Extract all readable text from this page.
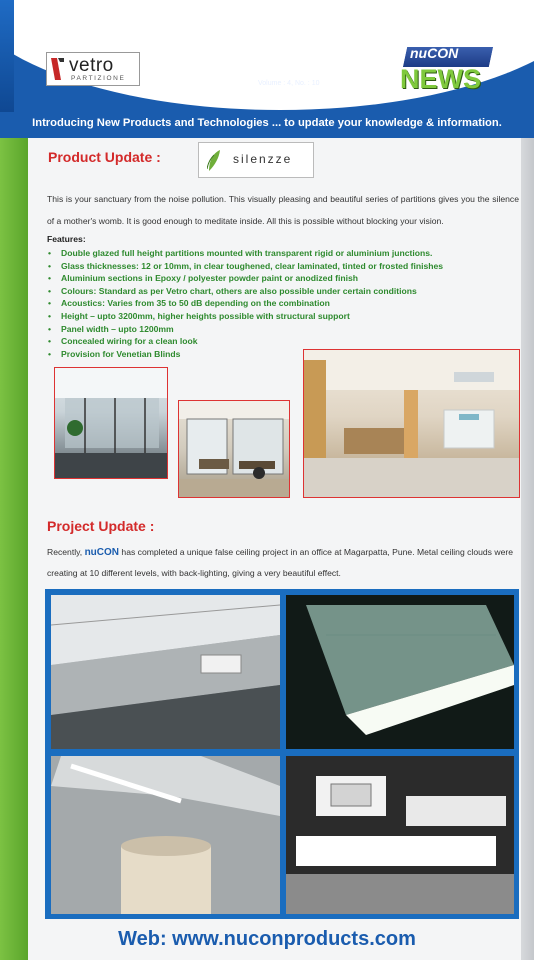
vetro
PARTIZIONE
Oct. 2013
Volume : 4, No. : 10
nuCON
NEWS
Introducing New Products and Technologies ... to update your knowledge & information.
Product Update :	silenzze
This is your sanctuary from the noise pollution. This visually pleasing and beautiful series of partitions gives you the silence of a mother's womb. It is good enough to meditate inside. All this is possible without blocking your vision.
Features:
• Double glazed full height partitions mounted with transparent rigid or aluminium junctions.
• Glass thicknesses: 12 or 10mm, in clear toughened, clear laminated, tinted or frosted finishes
• Aluminium sections in Epoxy / polyester powder paint or anodized finish
• Colours: Standard as per Vetro chart, others are also possible under certain conditions
• Acoustics: Varies from 35 to 50 dB depending on the combination
• Height – upto 3200mm, higher heights possible with structural support
• Panel width – upto 1200mm
• Concealed wiring for a clean look
• Provision for Venetian Blinds
Project Update :
Recently, nuCON has completed a unique false ceiling project in an office at Magarpatta, Pune. Metal ceiling clouds were creating at 10 different levels, with back-lighting, giving a very beautiful effect.
Web: www.nuconproducts.com
